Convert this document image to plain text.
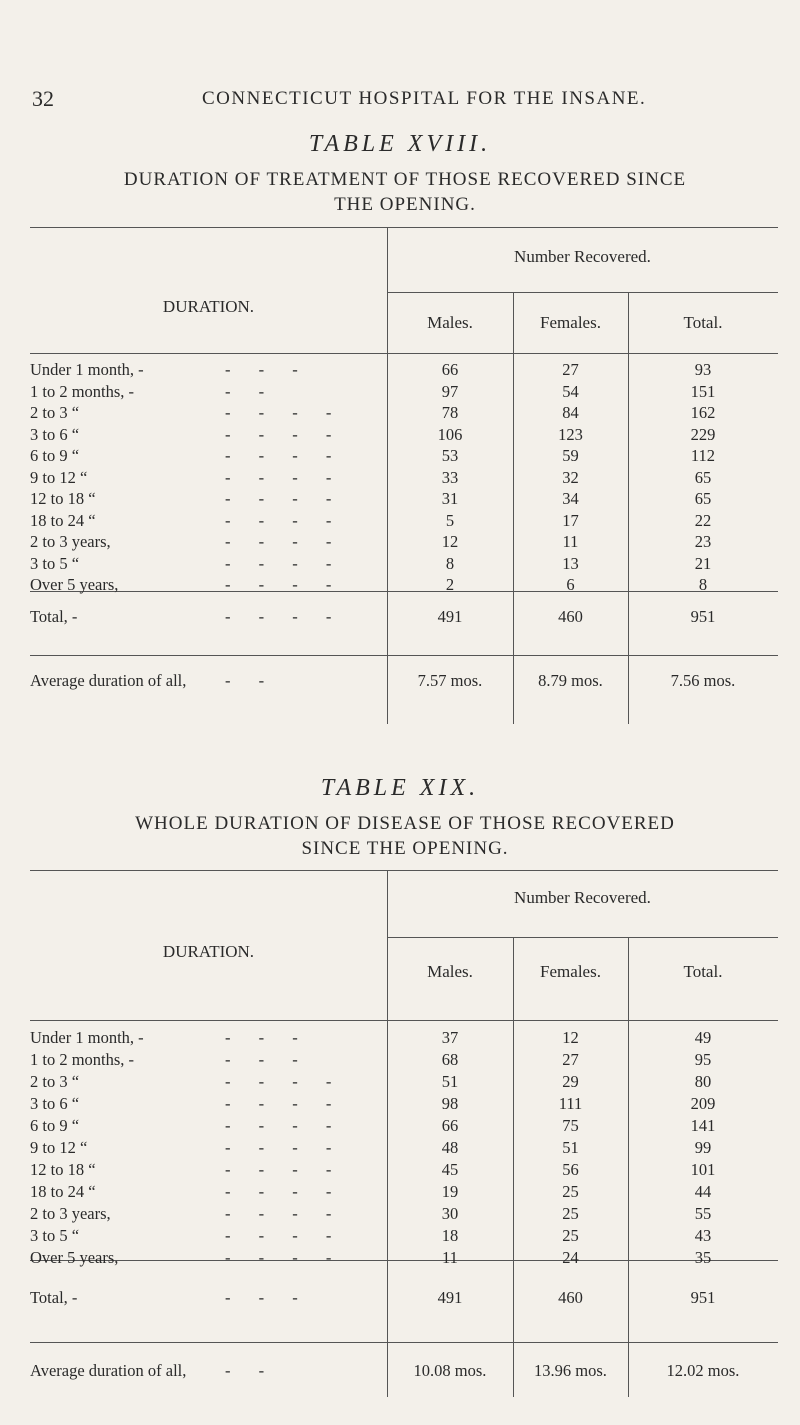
32	CONNECTICUT HOSPITAL FOR THE INSANE.
TABLE XVIII.
DURATION OF TREATMENT OF THOSE RECOVERED SINCE
THE OPENING.
DURATION.
Number Recovered.
Males.	Females.	Total.
Under 1 month, -	- - -	66	27	93
1 to 2 months, -	- -	97	54	151
2 to 3 “	- - - -	78	84	162
3 to 6 “	- - - -	106	123	229
6 to 9 “	- - - -	53	59	112
9 to 12 “	- - - -	33	32	65
12 to 18 “	- - - -	31	34	65
18 to 24 “	- - - -	5	17	22
2 to 3 years,	- - - -	12	11	23
3 to 5 “	- - - -	8	13	21
Over 5 years,	- - - -	2	6	8
Total, -	- - - -	491	460	951
Average duration of all, - -	7.57 mos.	8.79 mos.	7.56 mos.
TABLE XIX.
WHOLE DURATION OF DISEASE OF THOSE RECOVERED
SINCE THE OPENING.
DURATION.
Number Recovered.
Males.	Females.	Total.
Under 1 month, -	- - -	37	12	49
1 to 2 months, -	- - -	68	27	95
2 to 3 “	- - - -	51	29	80
3 to 6 “	- - - -	98	111	209
6 to 9 “	- - - -	66	75	141
9 to 12 “	- - - -	48	51	99
12 to 18 “	- - - -	45	56	101
18 to 24 “	- - - -	19	25	44
2 to 3 years,	- - - -	30	25	55
3 to 5 “	- - - -	18	25	43
Over 5 years,	- - - -	11	24	35
Total, -	- - -	491	460	951
Average duration of all, - -	10.08 mos.	13.96 mos.	12.02 mos.
